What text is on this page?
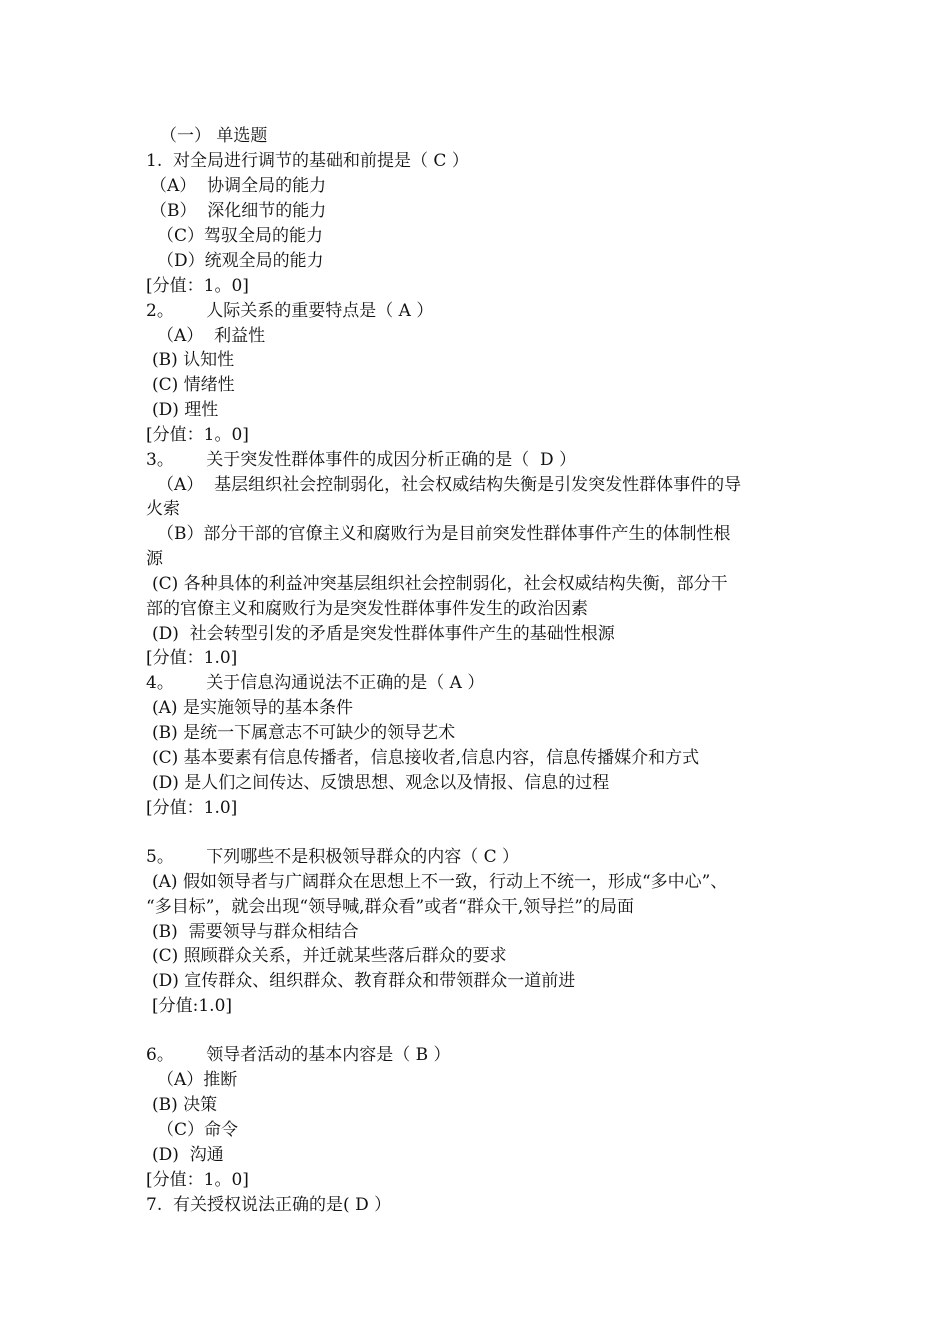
（一） 单选题
1.  对全局进行调节的基础和前提是（ C ）
（A）  协调全局的能力
（B）  深化细节的能力
（C）驾驭全局的能力
（D）统观全局的能力
[分值：1。0]
2。      人际关系的重要特点是（ A ）
（A）  利益性
(B) 认知性
(C) 情绪性
(D) 理性
[分值：1。0]
3。      关于突发性群体事件的成因分析正确的是（  D ）
（A）  基层组织社会控制弱化，社会权威结构失衡是引发突发性群体事件的导
火索
（B）部分干部的官僚主义和腐败行为是目前突发性群体事件产生的体制性根
源
(C) 各种具体的利益冲突基层组织社会控制弱化，社会权威结构失衡，部分干
部的官僚主义和腐败行为是突发性群体事件发生的政治因素
(D)  社会转型引发的矛盾是突发性群体事件产生的基础性根源
[分值：1.0]
4。      关于信息沟通说法不正确的是（ A ）
(A) 是实施领导的基本条件
(B) 是统一下属意志不可缺少的领导艺术
(C) 基本要素有信息传播者，信息接收者,信息内容，信息传播媒介和方式
(D) 是人们之间传达、反馈思想、观念以及情报、信息的过程
[分值：1.0]
5。      下列哪些不是积极领导群众的内容（ C ）
(A) 假如领导者与广阔群众在思想上不一致，行动上不统一，形成“多中心”、
“多目标”，就会出现“领导喊,群众看”或者“群众干,领导拦”的局面
(B)  需要领导与群众相结合
(C) 照顾群众关系，并迁就某些落后群众的要求
(D) 宣传群众、组织群众、教育群众和带领群众一道前进
[分值:1.0]
6。      领导者活动的基本内容是（ B ）
（A）推断
(B) 决策
（C）命令
(D)  沟通
[分值：1。0]
7.  有关授权说法正确的是( D ）
